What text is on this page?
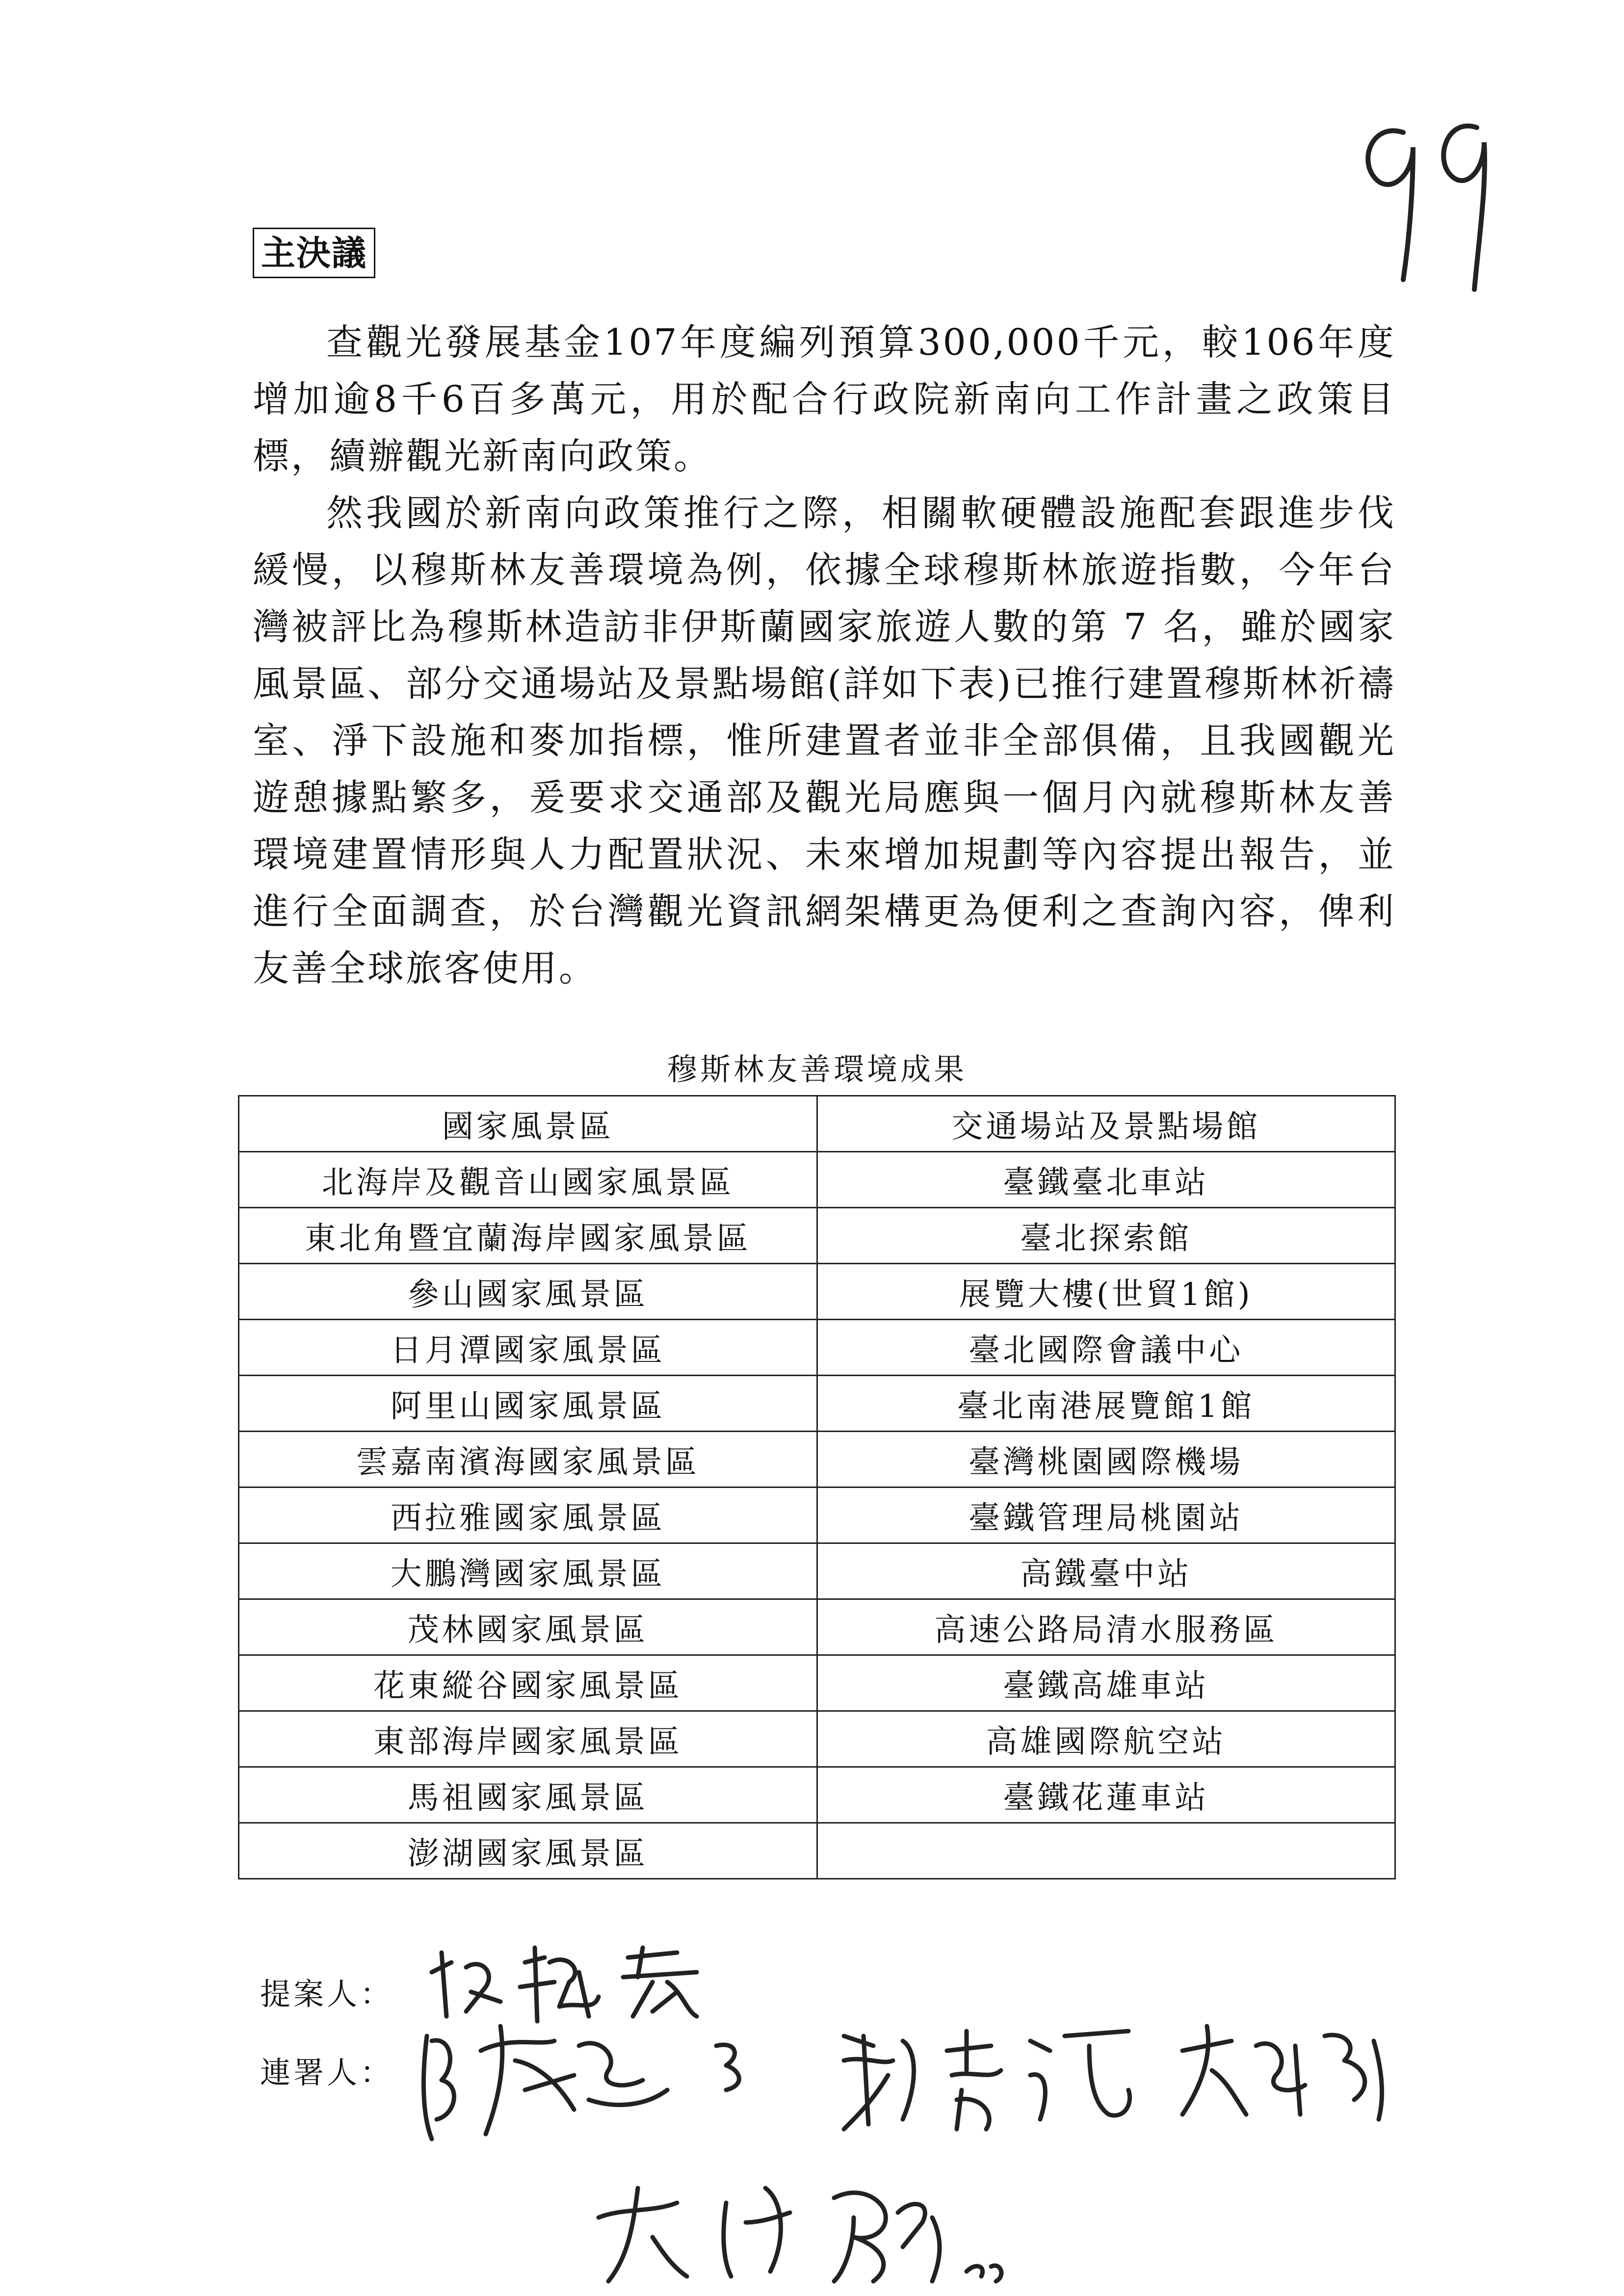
主決議

查觀光發展基金107年度編列預算300,000千元，較106年度增加逾8千6百多萬元，用於配合行政院新南向工作計畫之政策目標，續辦觀光新南向政策。

然我國於新南向政策推行之際，相關軟硬體設施配套跟進步伐緩慢，以穆斯林友善環境為例，依據全球穆斯林旅遊指數，今年台灣被評比為穆斯林造訪非伊斯蘭國家旅遊人數的第 7 名，雖於國家風景區、部分交通場站及景點場館(詳如下表)已推行建置穆斯林祈禱室、淨下設施和麥加指標，惟所建置者並非全部俱備，且我國觀光遊憩據點繁多，爰要求交通部及觀光局應與一個月內就穆斯林友善環境建置情形與人力配置狀況、未來增加規劃等內容提出報告，並進行全面調查，於台灣觀光資訊網架構更為便利之查詢內容，俾利友善全球旅客使用。

穆斯林友善環境成果
國家風景區	交通場站及景點場館
北海岸及觀音山國家風景區	臺鐵臺北車站
東北角暨宜蘭海岸國家風景區	臺北探索館
參山國家風景區	展覽大樓(世貿1館)
日月潭國家風景區	臺北國際會議中心
阿里山國家風景區	臺北南港展覽館1館
雲嘉南濱海國家風景區	臺灣桃園國際機場
西拉雅國家風景區	臺鐵管理局桃園站
大鵬灣國家風景區	高鐵臺中站
茂林國家風景區	高速公路局清水服務區
花東縱谷國家風景區	臺鐵高雄車站
東部海岸國家風景區	高雄國際航空站
馬祖國家風景區	臺鐵花蓮車站
澎湖國家風景區	
提案人：
連署人：
